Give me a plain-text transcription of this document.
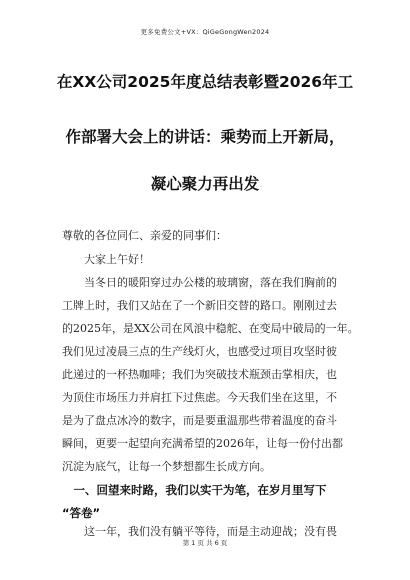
更多免费公文+VX：QiGeGongWen2024
在XX公司2025年度总结表彰暨2026年工
作部署大会上的讲话：乘势而上开新局，
凝心聚力再出发
尊敬的各位同仁、亲爱的同事们：
　　大家上午好！
　　当冬日的暖阳穿过办公楼的玻璃窗，落在我们胸前的
工牌上时，我们又站在了一个新旧交替的路口。刚刚过去
的2025年，是XX公司在风浪中稳舵、在变局中破局的一年。
我们见过凌晨三点的生产线灯火，也感受过项目攻坚时彼
此递过的一杯热咖啡；我们为突破技术瓶颈击掌相庆，也
为顶住市场压力并肩扛下过焦虑。今天我们坐在这里，不
是为了盘点冰冷的数字，而是要重温那些带着温度的奋斗
瞬间，更要一起望向充满希望的2026年，让每一份付出都
沉淀为底气，让每一个梦想都生长成方向。
　一、回望来时路，我们以实干为笔，在岁月里写下
“答卷”
　　这一年，我们没有躺平等待，而是主动迎战；没有畏
第 1 页 共 6 页
